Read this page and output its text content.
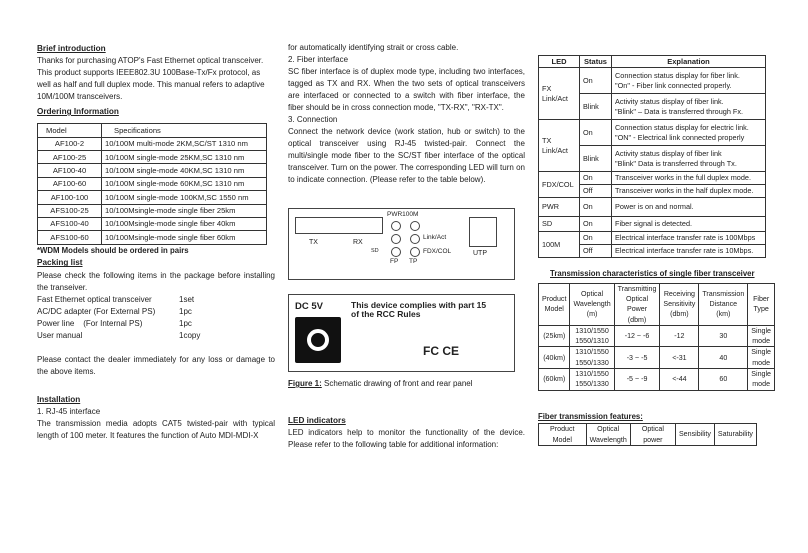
Brief introduction

Thanks for purchasing ATOP's Fast Ethernet optical transceiver.

This product supports IEEE802.3U 100Base-Tx/Fx protocol, as

well as half and full duplex mode. This manual refers to adaptive

10M/100M transceivers.

Ordering Information
Model	Specifications
AF100-2	10/100M multi-mode 2KM,SC/ST 1310 nm
AF100-25	10/100M single-mode 25KM,SC 1310 nm
AF100-40	10/100M single-mode 40KM,SC 1310 nm
AF100-60	10/100M single-mode 60KM,SC 1310 nm
AF100-100	10/100M single-mode 100KM,SC 1550 nm
AFS100-25	10/100Msingle-mode single fiber 25km
AFS100-40	10/100Msingle-mode single fiber 40km
AFS100-60	10/100Msingle-mode single fiber 60km

*WDM Models should be ordered in pairs

Packing list

Please check the following items in the package before installing the transeiver.

Fast Ethernet optical transceiver	1set
AC/DC adapter (For External PS)	1pc
Power line    (For Internal PS)	1pc
User manual	1copy

Please contact the dealer immediately for any loss or damage to the above items.

Installation

1. RJ-45 interface

The transmission media adopts CAT5 twisted-pair with typical length of 100 meter. It features the function of Auto MDI-MDI-X

for automatically identifying strait or cross cable.

2. Fiber interface

SC fiber interface is of duplex mode type, including two interfaces, tagged as TX and RX. When the two sets of optical transceivers are interfaced or connected to a switch with fiber interface, the fiber should be in cross connection mode, "TX-RX", "RX-TX".

3. Connection

Connect the network device (work station, hub or switch) to the optical transceiver using RJ-45 twisted-pair. Connect the multi/single mode fiber to the SC/ST fiber interface of the optical transceiver. Turn on the power. The corresponding LED will turn on to indicate connection. (Please refer to the table below).

TX	RX
PWR100M
Link/Act
SD	FDX/COL
FP TP
UTP
DC 5V	This device complies with part 15
of the RCC Rules
FC CE

Figure 1: Schematic drawing of front and rear panel

LED indicators

LED indicators help to monitor the functionality of the device. Please refer to the following table for additional information:

LED	Status	Explanation
FX
Link/Act	On	Connection status display for fiber link.
"On" - Fiber link connected properly.
	Blink	Activity status display of fiber link.
"Blink" – Data is transferred through Fx.
TX
Link/Act	On	Connection status display for electric link.
"ON" - Electrical link connected properly
	Blink	Activity status display of fiber link
"Blink" Data is transferred through Tx.
FDX/COL	On	Transceiver works in the full duplex mode.
	Off	Transceiver works in the half duplex mode.
PWR	On	Power is on and normal.
SD	On	Fiber signal is detected.
100M	On	Electrical interface transfer rate is 100Mbps
	Off	Electrical interface transfer rate is 10Mbps.
Transmission characteristics of single fiber transceiver
Product
Model	Optical
Wavelength
(m)	Transmitting
Optical Power
(dbm)	Receiving
Sensitivity
(dbm)	Transmission
Distance (km)	Fiber
Type
(25km)	1310/1550
1550/1310	-12 ~ -6	-12	30	Single
mode
(40km)	1310/1550
1550/1330	-3 ~ -5	<-31	40	Single
mode
(60km)	1310/1550
1550/1330	-5 ~ -9	<-44	60	Single
mode
Fiber transmission features:
Product Model	Optical
Wavelength	Optical power	Sensibility	Saturability
